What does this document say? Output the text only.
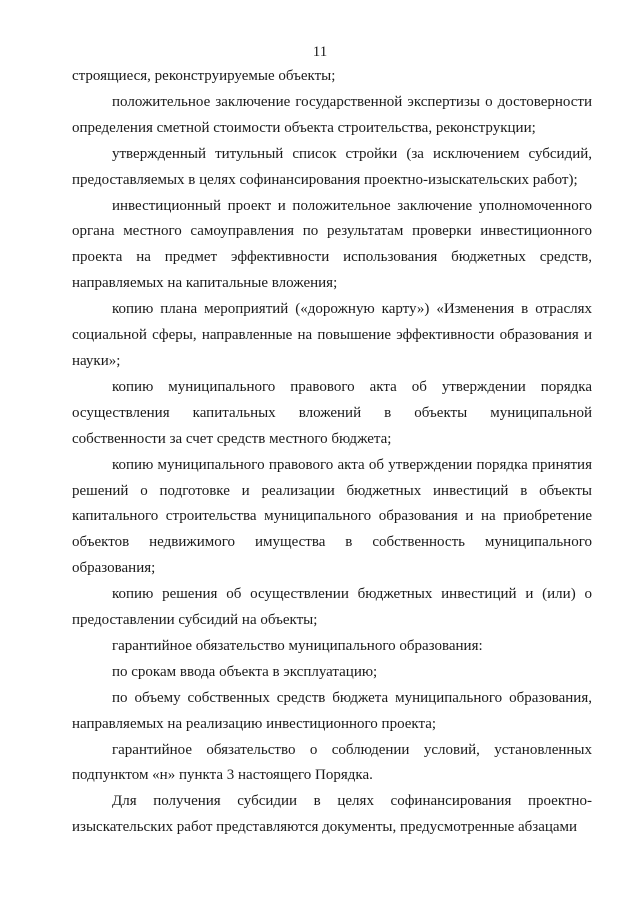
11

строящиеся, реконструируемые объекты;

положительное заключение государственной экспертизы о достоверности определения сметной стоимости объекта строительства, реконструкции;

утвержденный титульный список стройки (за исключением субсидий, предоставляемых в целях софинансирования проектно-изыскательских работ);

инвестиционный проект и положительное заключение уполномоченного органа местного самоуправления по результатам проверки инвестиционного проекта на предмет эффективности использования бюджетных средств, направляемых на капитальные вложения;

копию плана мероприятий («дорожную карту») «Изменения в отраслях социальной сферы, направленные на повышение эффективности образования и науки»;

копию муниципального правового акта об утверждении порядка осуществления капитальных вложений в объекты муниципальной собственности за счет средств местного бюджета;

копию муниципального правового акта об утверждении порядка принятия решений о подготовке и реализации бюджетных инвестиций в объекты капитального строительства муниципального образования и на приобретение объектов недвижимого имущества в собственность муниципального образования;

копию решения об осуществлении бюджетных инвестиций и (или) о предоставлении субсидий на объекты;

гарантийное обязательство муниципального образования:

по срокам ввода объекта в эксплуатацию;

по объему собственных средств бюджета муниципального образования, направляемых на реализацию инвестиционного проекта;

гарантийное обязательство о соблюдении условий, установленных подпунктом «н» пункта 3 настоящего Порядка.

Для получения субсидии в целях софинансирования проектно-изыскательских работ представляются документы, предусмотренные абзацами
